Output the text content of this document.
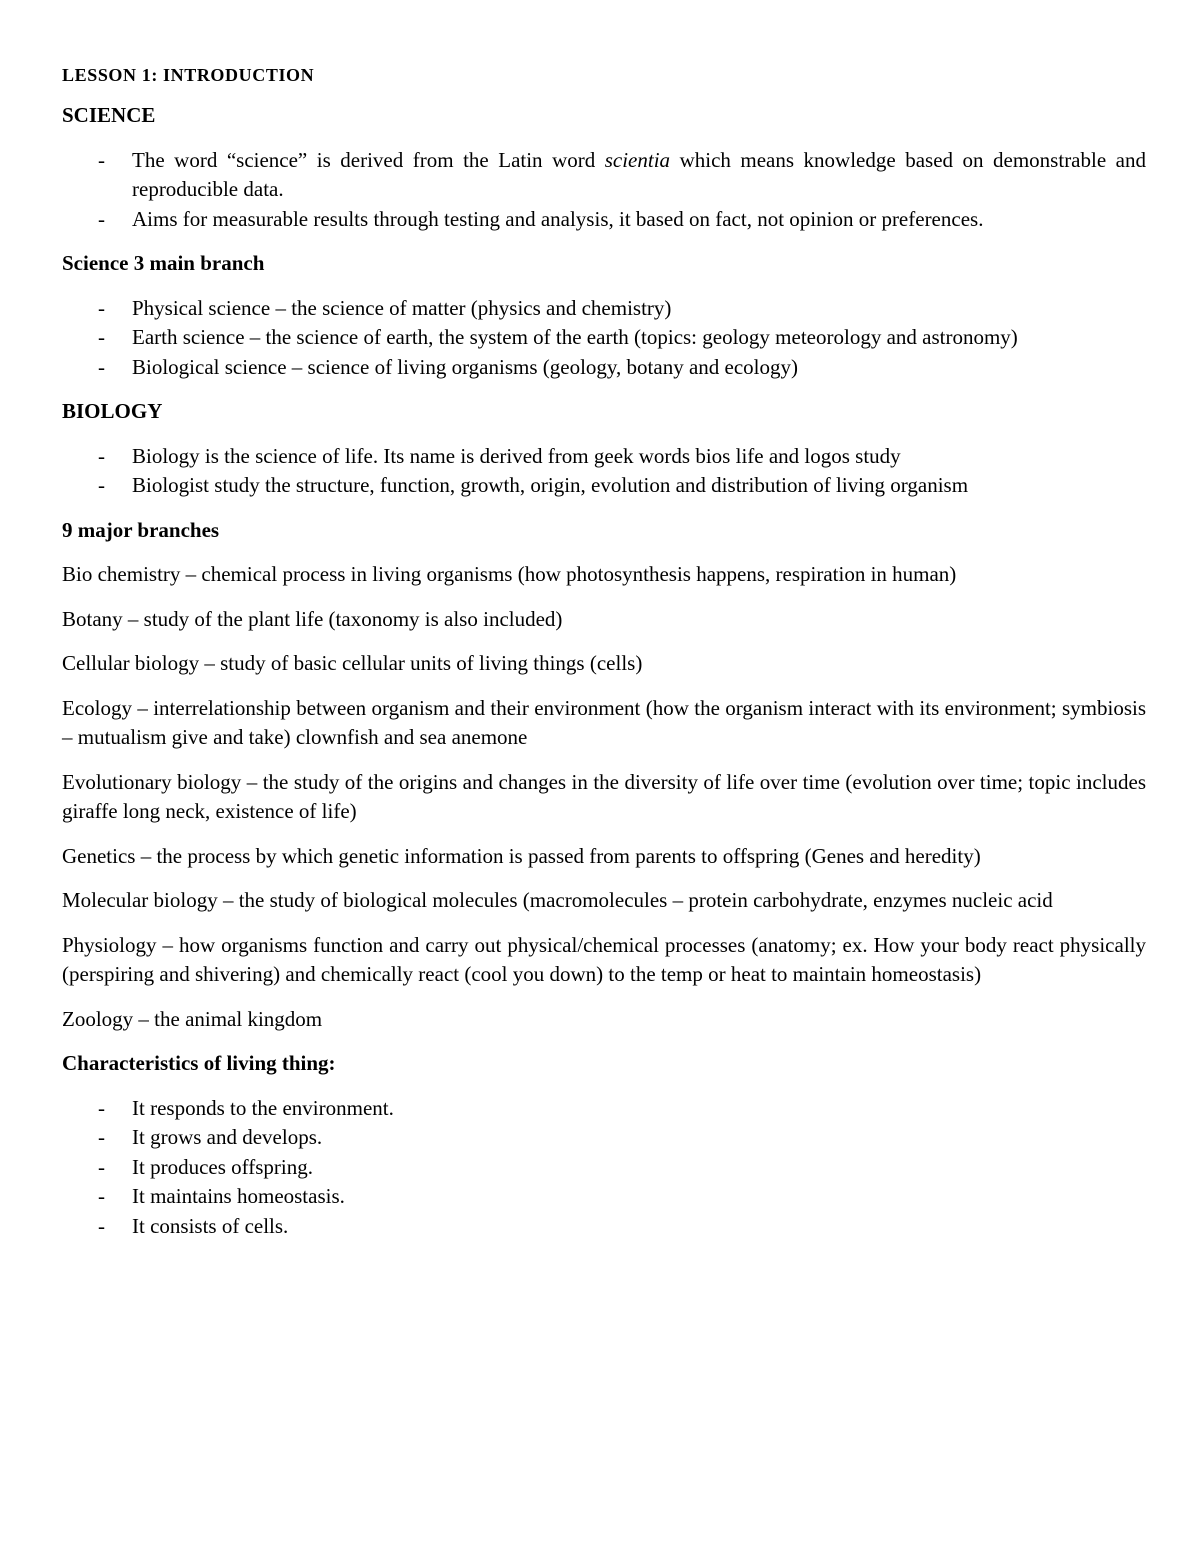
LESSON 1: INTRODUCTION
SCIENCE
- The word “science” is derived from the Latin word scientia which means knowledge based on demonstrable and reproducible data.
- Aims for measurable results through testing and analysis, it based on fact, not opinion or preferences.
Science 3 main branch
- Physical science – the science of matter (physics and chemistry)
- Earth science – the science of earth, the system of the earth (topics: geology meteorology and astronomy)
- Biological science – science of living organisms (geology, botany and ecology)
BIOLOGY
- Biology is the science of life. Its name is derived from geek words bios life and logos study
- Biologist study the structure, function, growth, origin, evolution and distribution of living organism
9 major branches

Bio chemistry – chemical process in living organisms (how photosynthesis happens, respiration in human)

Botany – study of the plant life (taxonomy is also included)

Cellular biology – study of basic cellular units of living things (cells)

Ecology – interrelationship between organism and their environment (how the organism interact with its environment; symbiosis – mutualism give and take) clownfish and sea anemone

Evolutionary biology – the study of the origins and changes in the diversity of life over time (evolution over time; topic includes giraffe long neck, existence of life)

Genetics – the process by which genetic information is passed from parents to offspring (Genes and heredity)

Molecular biology – the study of biological molecules (macromolecules – protein carbohydrate, enzymes nucleic acid

Physiology – how organisms function and carry out physical/chemical processes (anatomy; ex. How your body react physically (perspiring and shivering) and chemically react (cool you down) to the temp or heat to maintain homeostasis)

Zoology – the animal kingdom

Characteristics of living thing:
- It responds to the environment.
- It grows and develops.
- It produces offspring.
- It maintains homeostasis.
- It consists of cells.
